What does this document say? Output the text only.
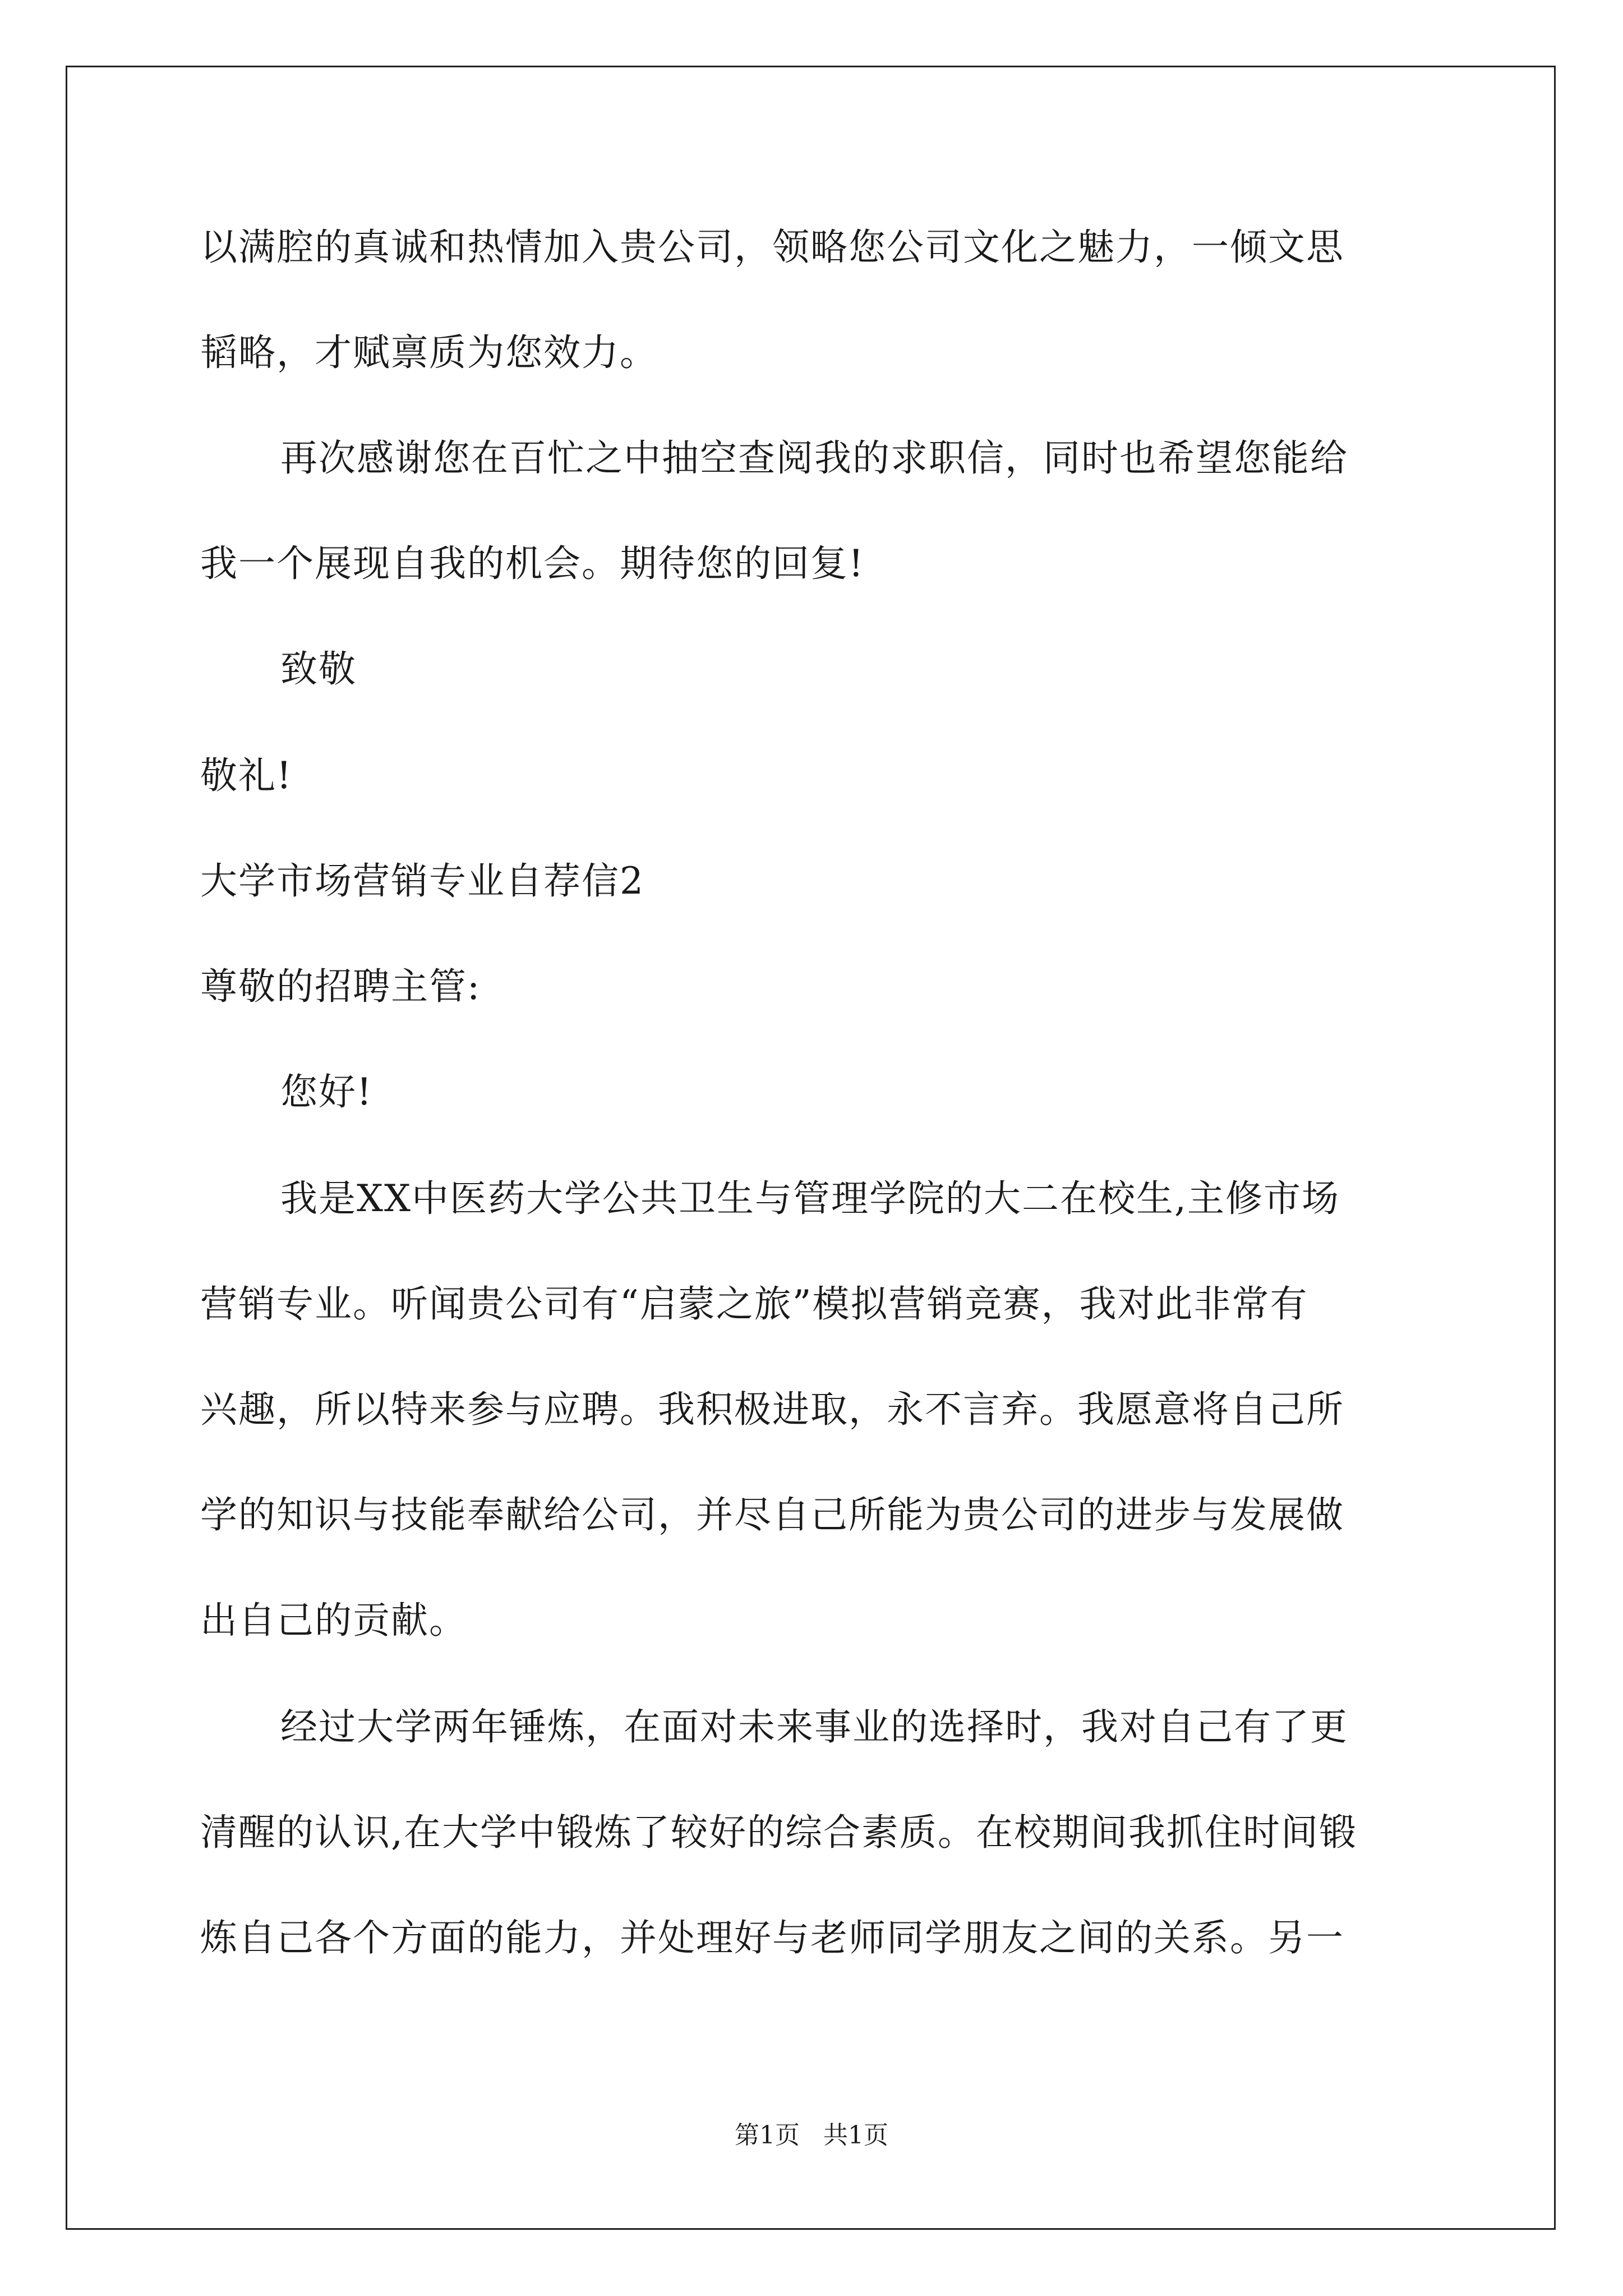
以满腔的真诚和热情加入贵公司，领略您公司文化之魅力，一倾文思
韬略，才赋禀质为您效力。
再次感谢您在百忙之中抽空查阅我的求职信，同时也希望您能给
我一个展现自我的机会。期待您的回复!
致敬
敬礼!
大学市场营销专业自荐信2
尊敬的招聘主管:
您好!
我是XX中医药大学公共卫生与管理学院的大二在校生,主修市场
营销专业。听闻贵公司有“启蒙之旅”模拟营销竞赛，我对此非常有
兴趣，所以特来参与应聘。我积极进取，永不言弃。我愿意将自己所
学的知识与技能奉献给公司，并尽自己所能为贵公司的进步与发展做
出自己的贡献。
经过大学两年锤炼，在面对未来事业的选择时，我对自己有了更
清醒的认识,在大学中锻炼了较好的综合素质。在校期间我抓住时间锻
炼自己各个方面的能力，并处理好与老师同学朋友之间的关系。另一
第1页   共1页
